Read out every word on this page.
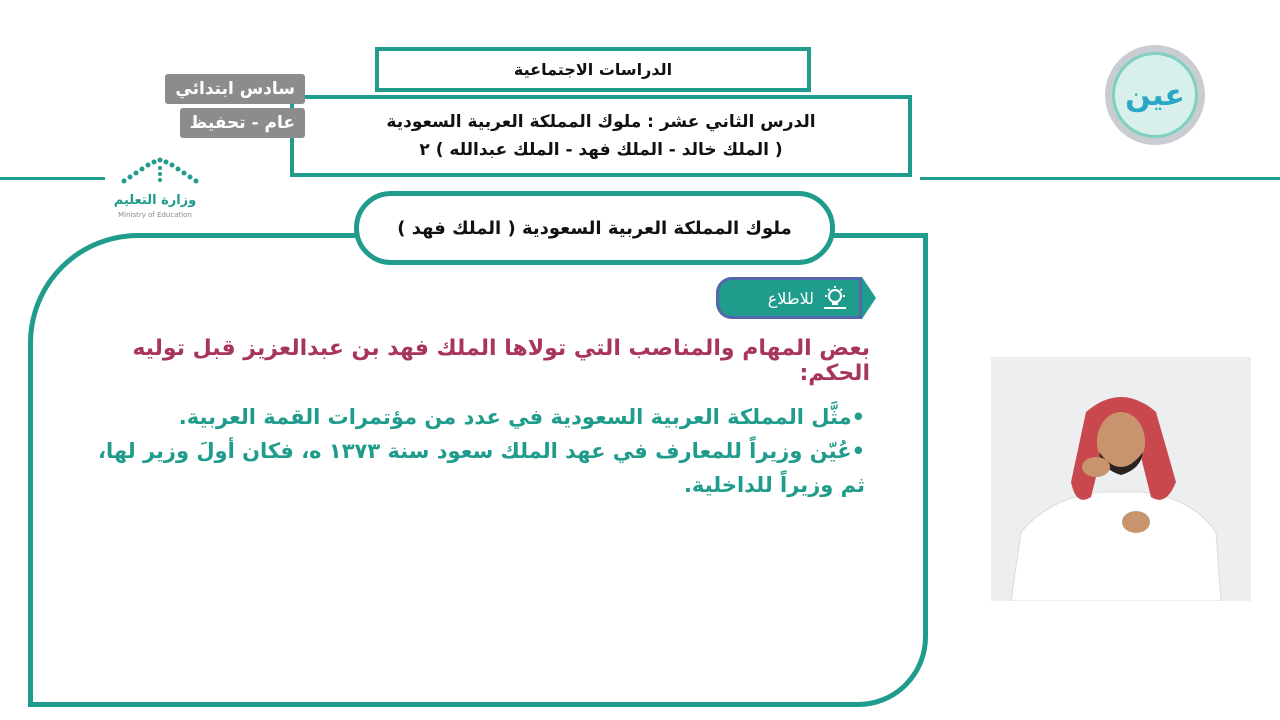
الدراسات الاجتماعية
الدرس الثاني عشر : ملوك المملكة العربية السعودية
( الملك خالد - الملك فهد - الملك عبدالله ) ٢
سادس ابتدائي
عام - تحفيظ
وزارة التعليم
Ministry of Education
عين
ملوك المملكة العربية السعودية ( الملك فهد )
للاطلاع
بعض المهام والمناصب التي تولاها الملك فهد بن عبدالعزيز قبل توليه الحكم:

•مثَّل المملكة العربية السعودية في عدد من مؤتمرات القمة العربية.

•عُيّن وزيراً للمعارف في عهد الملك سعود سنة ١٣٧٣ ه، فكان أولَ وزير لها، ثم وزيراً للداخلية.
